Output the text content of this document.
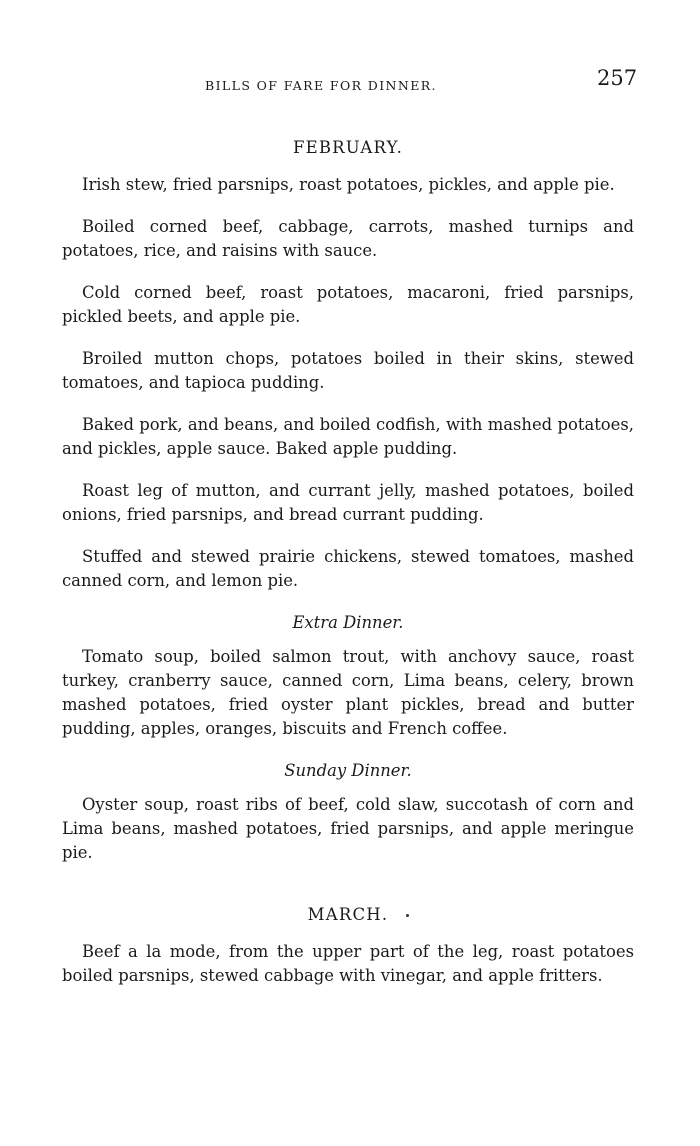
BILLS OF FARE FOR DINNER.	257
FEBRUARY.

Irish stew, fried parsnips, roast potatoes, pickles, and apple pie.

Boiled corned beef, cabbage, carrots, mashed turnips and potatoes, rice, and raisins with sauce.

Cold corned beef, roast potatoes, macaroni, fried parsnips, pickled beets, and apple pie.

Broiled mutton chops, potatoes boiled in their skins, stewed tomatoes, and tapioca pudding.

Baked pork, and beans, and boiled codfish, with mashed potatoes, and pickles, apple sauce. Baked apple pudding.

Roast leg of mutton, and currant jelly, mashed potatoes, boiled onions, fried parsnips, and bread currant pudding.

Stuffed and stewed prairie chickens, stewed tomatoes, mashed canned corn, and lemon pie.

Extra Dinner.

Tomato soup, boiled salmon trout, with anchovy sauce, roast turkey, cranberry sauce, canned corn, Lima beans, celery, brown mashed potatoes, fried oyster plant pickles, bread and butter pudding, apples, oranges, biscuits and French coffee.

Sunday Dinner.

Oyster soup, roast ribs of beef, cold slaw, succotash of corn and Lima beans, mashed potatoes, fried parsnips, and apple meringue pie.

MARCH.

Beef a la mode, from the upper part of the leg, roast potatoes boiled parsnips, stewed cabbage with vinegar, and apple fritters.
